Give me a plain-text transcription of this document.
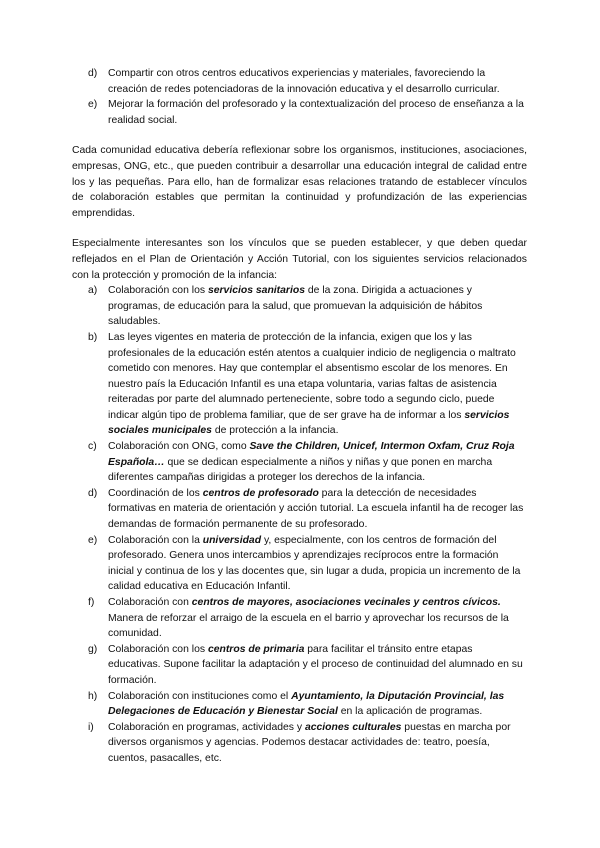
d) Compartir con otros centros educativos experiencias y materiales, favoreciendo la creación de redes potenciadoras de la innovación educativa y el desarrollo curricular.
e) Mejorar la formación del profesorado y la contextualización del proceso de enseñanza a la realidad social.

Cada comunidad educativa debería reflexionar sobre los organismos, instituciones, asociaciones, empresas, ONG, etc., que pueden contribuir a desarrollar una educación integral de calidad entre los y las pequeñas. Para ello, han de formalizar esas relaciones tratando de establecer vínculos de colaboración estables que permitan la continuidad y profundización de las experiencias emprendidas.

Especialmente interesantes son los vínculos que se pueden establecer, y que deben quedar reflejados en el Plan de Orientación y Acción Tutorial, con los siguientes servicios relacionados con la protección y promoción de la infancia:

a) Colaboración con los servicios sanitarios de la zona. Dirigida a actuaciones y programas, de educación para la salud, que promuevan la adquisición de hábitos saludables.
b) Las leyes vigentes en materia de protección de la infancia, exigen que los y las profesionales de la educación estén atentos a cualquier indicio de negligencia o maltrato cometido con menores. Hay que contemplar el absentismo escolar de los menores. En nuestro país la Educación Infantil es una etapa voluntaria, varias faltas de asistencia reiteradas por parte del alumnado perteneciente, sobre todo a segundo ciclo, puede indicar algún tipo de problema familiar, que de ser grave ha de informar a los servicios sociales municipales de protección a la infancia.
c) Colaboración con ONG, como Save the Children, Unicef, Intermon Oxfam, Cruz Roja Española… que se dedican especialmente a niños y niñas y que ponen en marcha diferentes campañas dirigidas a proteger los derechos de la infancia.
d) Coordinación de los centros de profesorado para la detección de necesidades formativas en materia de orientación y acción tutorial. La escuela infantil ha de recoger las demandas de formación permanente de su profesorado.
e) Colaboración con la universidad y, especialmente, con los centros de formación del profesorado. Genera unos intercambios y aprendizajes recíprocos entre la formación inicial y continua de los y las docentes que, sin lugar a duda, propicia un incremento de la calidad educativa en Educación Infantil.
f) Colaboración con centros de mayores, asociaciones vecinales y centros cívicos. Manera de reforzar el arraigo de la escuela en el barrio y aprovechar los recursos de la comunidad.
g) Colaboración con los centros de primaria para facilitar el tránsito entre etapas educativas. Supone facilitar la adaptación y el proceso de continuidad del alumnado en su formación.
h) Colaboración con instituciones como el Ayuntamiento, la Diputación Provincial, las Delegaciones de Educación y Bienestar Social en la aplicación de programas.
i) Colaboración en programas, actividades y acciones culturales puestas en marcha por diversos organismos y agencias. Podemos destacar actividades de: teatro, poesía, cuentos, pasacalles, etc.
